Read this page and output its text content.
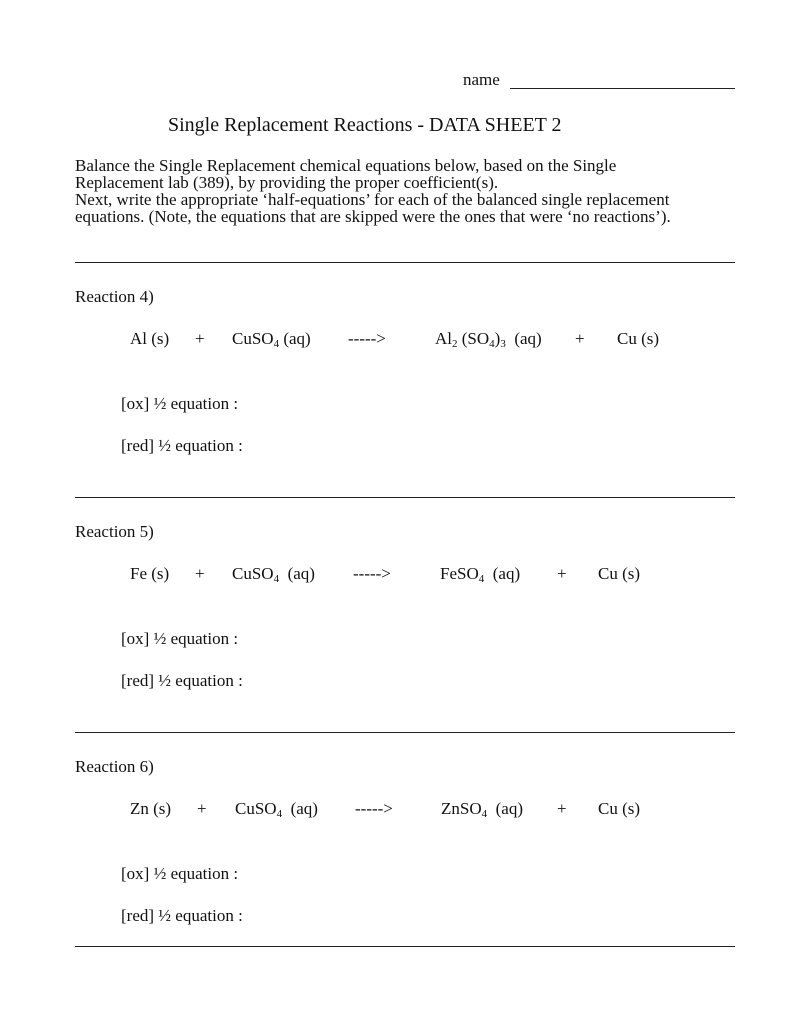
name
Single Replacement Reactions - DATA SHEET 2
Balance the Single Replacement chemical equations below, based on the Single
Replacement lab (389), by providing the proper coefficient(s).
Next, write the appropriate ‘half-equations’ for each of the balanced single replacement
equations. (Note, the equations that are skipped were the ones that were ‘no reactions’).
Reaction 4)
Al (s) + CuSO$_4$ (aq) ----->	$Al_2$ $(SO_4)_3$  (aq) + Cu (s)
[ox] ½ equation :
[red] ½ equation :
Reaction 5)
Fe (s) + CuSO$_4$  (aq) ----->	FeSO$_4$  (aq) + Cu (s)
[ox] ½ equation :
[red] ½ equation :
Reaction 6)
Zn (s) + CuSO$_4$  (aq) ----->	ZnSO$_4$  (aq) + Cu (s)
[ox] ½ equation :
[red] ½ equation :
